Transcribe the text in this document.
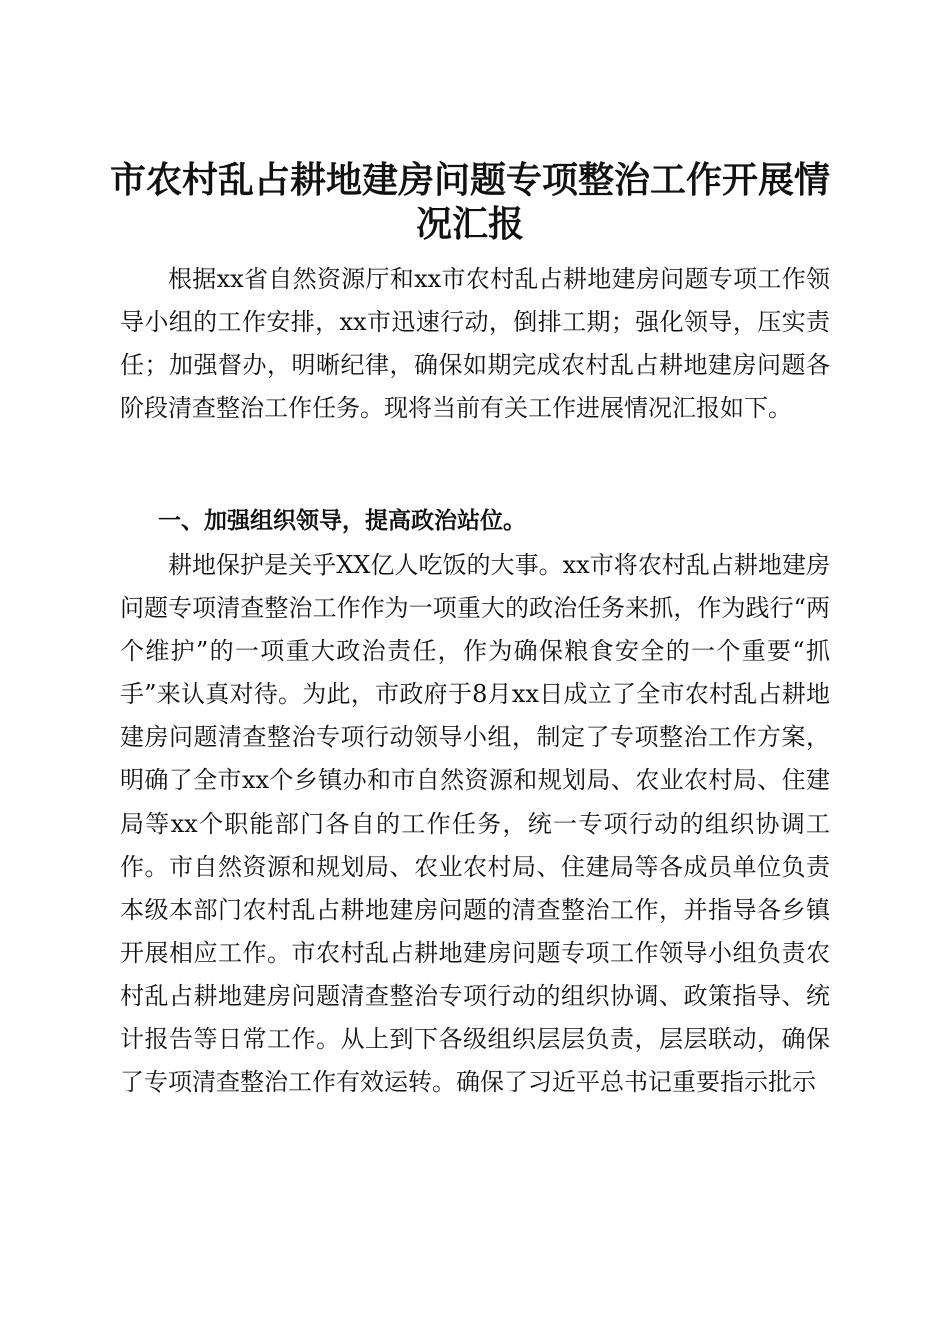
市农村乱占耕地建房问题专项整治工作开展情况汇报

根据xx省自然资源厅和xx市农村乱占耕地建房问题专项工作领导小组的工作安排，xx市迅速行动，倒排工期；强化领导，压实责任；加强督办，明晰纪律，确保如期完成农村乱占耕地建房问题各阶段清查整治工作任务。现将当前有关工作进展情况汇报如下。

一、加强组织领导，提高政治站位。

耕地保护是关乎XX亿人吃饭的大事。xx市将农村乱占耕地建房问题专项清查整治工作作为一项重大的政治任务来抓，作为践行“两个维护”的一项重大政治责任，作为确保粮食安全的一个重要“抓手”来认真对待。为此，市政府于8月xx日成立了全市农村乱占耕地建房问题清查整治专项行动领导小组，制定了专项整治工作方案，明确了全市xx个乡镇办和市自然资源和规划局、农业农村局、住建局等xx个职能部门各自的工作任务，统一专项行动的组织协调工作。市自然资源和规划局、农业农村局、住建局等各成员单位负责本级本部门农村乱占耕地建房问题的清查整治工作，并指导各乡镇开展相应工作。市农村乱占耕地建房问题专项工作领导小组负责农村乱占耕地建房问题清查整治专项行动的组织协调、政策指导、统计报告等日常工作。从上到下各级组织层层负责，层层联动，确保了专项清查整治工作有效运转。确保了习近平总书记重要指示批示
